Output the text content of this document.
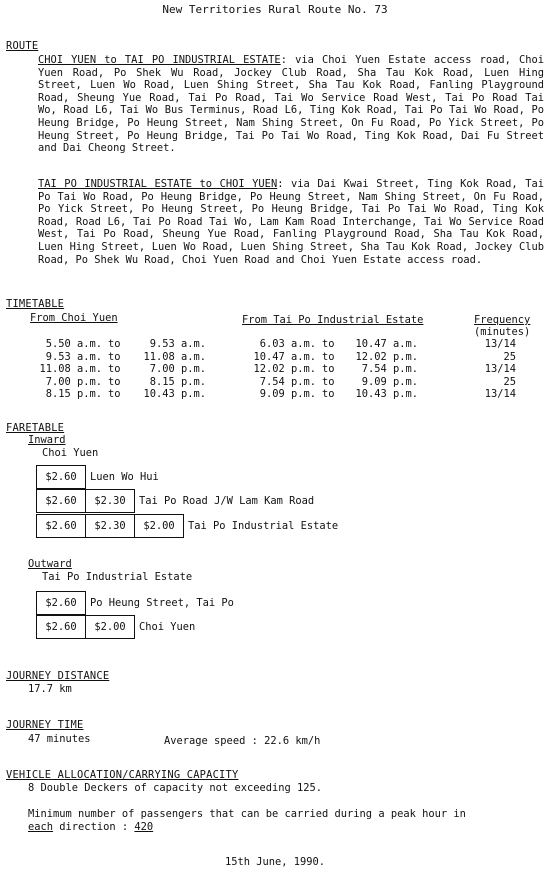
New Territories Rural Route No. 73
ROUTE

CHOI YUEN to TAI PO INDUSTRIAL ESTATE: via Choi Yuen Estate access road, Choi Yuen Road, Po Shek Wu Road, Jockey Club Road, Sha Tau Kok Road, Luen Hing Street, Luen Wo Road, Luen Shing Street, Sha Tau Kok Road, Fanling Playground Road, Sheung Yue Road, Tai Po Road, Tai Wo Service Road West, Tai Po Road Tai Wo, Road L6, Tai Wo Bus Terminus, Road L6, Ting Kok Road, Tai Po Tai Wo Road, Po Heung Bridge, Po Heung Street, Nam Shing Street, On Fu Road, Po Yick Street, Po Heung Street, Po Heung Bridge, Tai Po Tai Wo Road, Ting Kok Road, Dai Fu Street and Dai Cheong Street.

TAI PO INDUSTRIAL ESTATE to CHOI YUEN: via Dai Kwai Street, Ting Kok Road, Tai Po Tai Wo Road, Po Heung Bridge, Po Heung Street, Nam Shing Street, On Fu Road, Po Yick Street, Po Heung Street, Po Heung Bridge, Tai Po Tai Wo Road, Ting Kok Road, Road L6, Tai Po Road Tai Wo, Lam Kam Road Interchange, Tai Wo Service Road West, Tai Po Road, Sheung Yue Road, Fanling Playground Road, Sha Tau Kok Road, Luen Hing Street, Luen Wo Road, Luen Shing Street, Sha Tau Kok Road, Jockey Club Road, Po Shek Wu Road, Choi Yuen Road and Choi Yuen Estate access road.

TIMETABLE
From Choi Yuen	From Tai Po Industrial Estate	Frequency
(minutes)
5.50 a.m. to	9.53 a.m.	6.03 a.m. to	10.47 a.m.	13/14
9.53 a.m. to	11.08 a.m.	10.47 a.m. to	12.02 p.m.	25
11.08 a.m. to	7.00 p.m.	12.02 p.m. to	7.54 p.m.	13/14
7.00 p.m. to	8.15 p.m.	7.54 p.m. to	9.09 p.m.	25
8.15 p.m. to	10.43 p.m.	9.09 p.m. to	10.43 p.m.	13/14
FARETABLE
Inward
Choi Yuen
$2.60	Luen Wo Hui
$2.60	$2.30	Tai Po Road J/W Lam Kam Road
$2.60	$2.30	$2.00	Tai Po Industrial Estate
Outward
Tai Po Industrial Estate
$2.60	Po Heung Street, Tai Po
$2.60	$2.00	Choi Yuen
JOURNEY DISTANCE
17.7 km
JOURNEY TIME
47 minutes	Average speed : 22.6 km/h
VEHICLE ALLOCATION/CARRYING CAPACITY
8 Double Deckers of capacity not exceeding 125.
Minimum number of passengers that can be carried during a peak hour in
each direction : 420
15th June, 1990.
